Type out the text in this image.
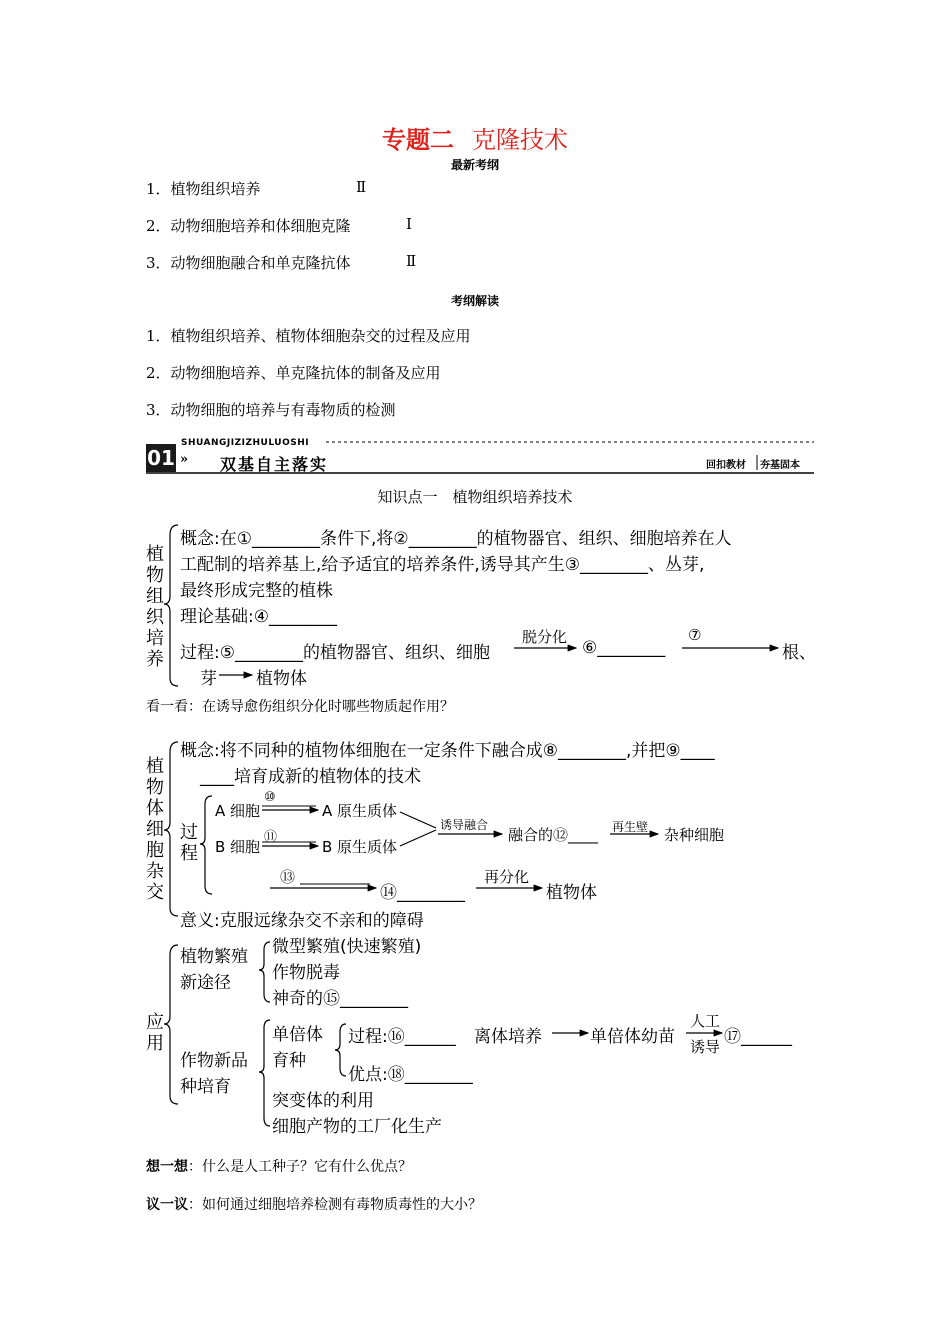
专题二 克隆技术
最新考纲
1．植物组织培养	Ⅱ
2．动物细胞培养和体细胞克隆	Ⅰ
3．动物细胞融合和单克隆抗体	Ⅱ
考纲解读
1．植物组织培养、植物体细胞杂交的过程及应用
2．动物细胞培养、单克隆抗体的制备及应用
3．动物细胞的培养与有毒物质的检测
01
SHUANGJIZIZHULUOSHI
» 双基自主落实	回扣教材 夯基固本
知识点一　植物组织培养技术
植物组织培养
概念:在①________条件下,将②________的植物器官、组织、细胞培养在人
工配制的培养基上,给予适宜的培养条件,诱导其产生③________、丛芽,
最终形成完整的植株
理论基础:④________
过程:⑤________的植物器官、组织、细胞
脱分化
⑥________
⑦
根、
芽 植物体
看一看：在诱导愈伤组织分化时哪些物质起作用？
植物体细胞杂交
概念:将不同种的植物体细胞在一定条件下融合成⑧________,并把⑨____
____培育成新的植物体的技术
过程
A 细胞
⑩
A 原生质体
B 细胞
⑪
B 原生质体
诱导融合
融合的⑫____ 再生壁 杂种细胞
⑬
⑭________
再分化
植物体
意义:克服远缘杂交不亲和的障碍
应用
植物繁殖新途径
微型繁殖(快速繁殖)
作物脱毒
神奇的⑮________
作物新品种培育
单倍体育种
过程:⑯______ 离体培养	单倍体幼苗
人工
诱导 ⑰______
优点:⑱________
突变体的利用
细胞产物的工厂化生产
想一想：什么是人工种子？它有什么优点？
议一议：如何通过细胞培养检测有毒物质毒性的大小？
